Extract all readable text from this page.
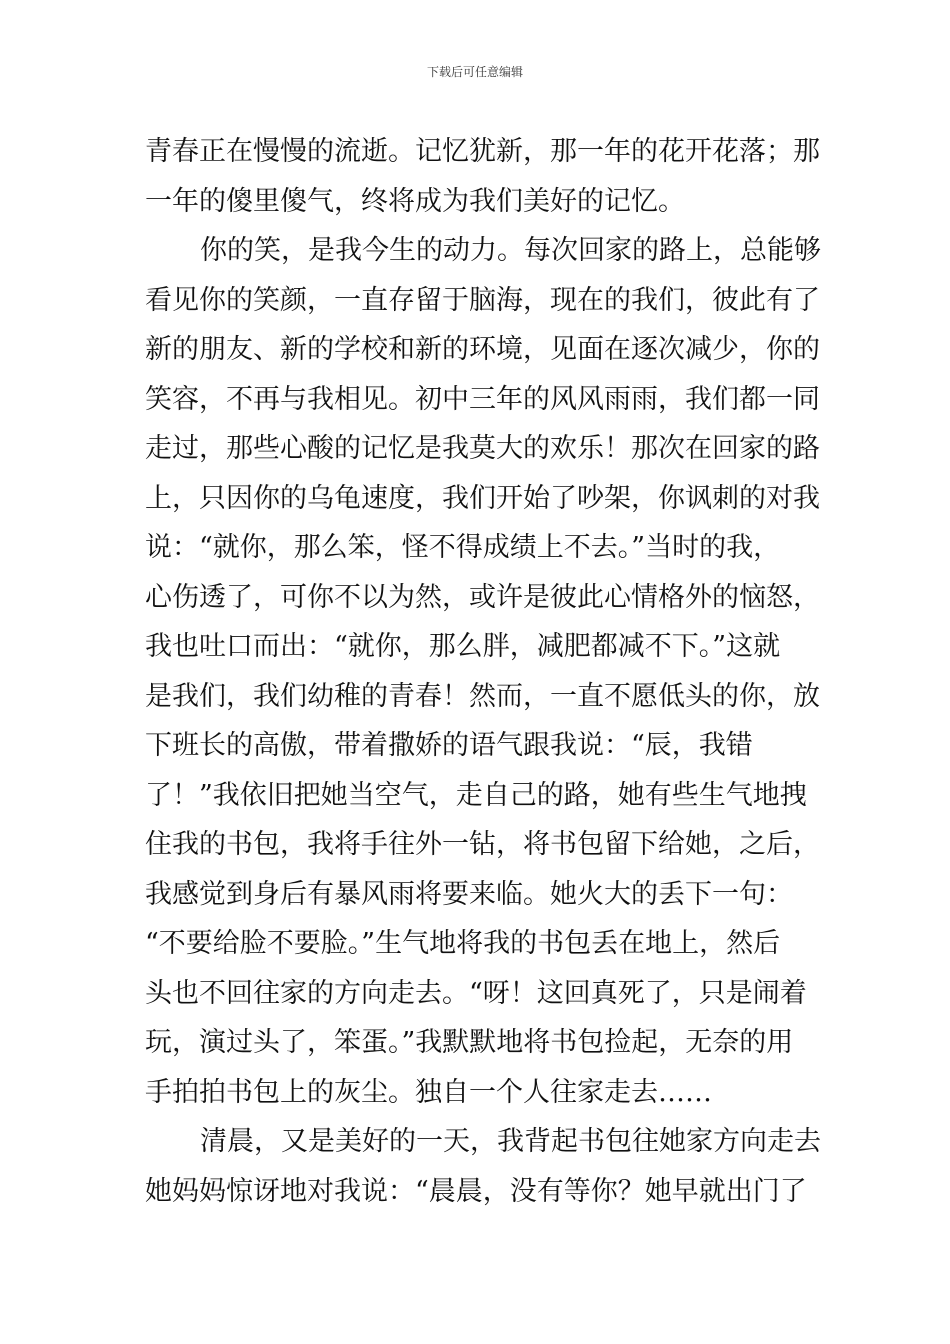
下载后可任意编辑
青春正在慢慢的流逝。记忆犹新，那一年的花开花落；那
一年的傻里傻气，终将成为我们美好的记忆。
你的笑，是我今生的动力。每次回家的路上，总能够
看见你的笑颜，一直存留于脑海，现在的我们，彼此有了
新的朋友、新的学校和新的环境，见面在逐次减少，你的
笑容，不再与我相见。初中三年的风风雨雨，我们都一同
走过，那些心酸的记忆是我莫大的欢乐！那次在回家的路
上，只因你的乌龟速度，我们开始了吵架，你讽刺的对我
说：“就你，那么笨，怪不得成绩上不去。”当时的我，
心伤透了，可你不以为然，或许是彼此心情格外的恼怒，
我也吐口而出：“就你，那么胖，减肥都减不下。”这就
是我们，我们幼稚的青春！然而，一直不愿低头的你，放
下班长的高傲，带着撒娇的语气跟我说：“辰，我错
了！”我依旧把她当空气，走自己的路，她有些生气地拽
住我的书包，我将手往外一钻，将书包留下给她，之后，
我感觉到身后有暴风雨将要来临。她火大的丢下一句：
“不要给脸不要脸。”生气地将我的书包丢在地上，然后
头也不回往家的方向走去。“呀！这回真死了，只是闹着
玩，演过头了，笨蛋。”我默默地将书包捡起，无奈的用
手拍拍书包上的灰尘。独自一个人往家走去……
清晨，又是美好的一天，我背起书包往她家方向走去
她妈妈惊讶地对我说：“晨晨，没有等你？她早就出门了
